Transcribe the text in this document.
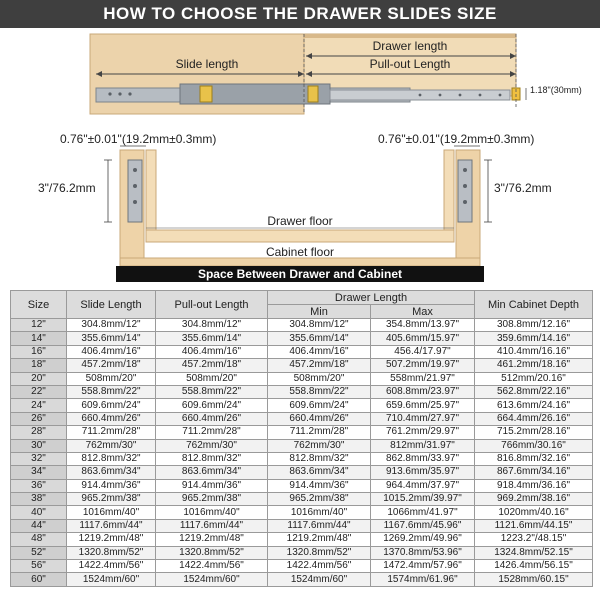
HOW TO CHOOSE THE DRAWER SLIDES SIZE
Drawer length
Slide length	Pull-out Length
1.18"(30mm)
0.76"±0.01"(19.2mm±0.3mm)	0.76"±0.01"(19.2mm±0.3mm)
3"/76.2mm	3"/76.2mm
Drawer floor
Cabinet floor
Space Between Drawer and Cabinet
Size	Slide Length	Pull-out Length	Drawer Length		Min Cabinet Depth
			Min	Max	
12"	304.8mm/12"	304.8mm/12"	304.8mm/12"	354.8mm/13.97"	308.8mm/12.16"
14"	355.6mm/14"	355.6mm/14"	355.6mm/14"	405.6mm/15.97"	359.6mm/14.16"
16"	406.4mm/16"	406.4mm/16"	406.4mm/16"	456.4/17.97"	410.4mm/16.16"
18"	457.2mm/18"	457.2mm/18"	457.2mm/18"	507.2mm/19.97"	461.2mm/18.16"
20"	508mm/20"	508mm/20"	508mm/20"	558mm/21.97"	512mm/20.16"
22"	558.8mm/22"	558.8mm/22"	558.8mm/22"	608.8mm/23.97"	562.8mm/22.16"
24"	609.6mm/24"	609.6mm/24"	609.6mm/24"	659.6mm/25.97"	613.6mm/24.16"
26"	660.4mm/26"	660.4mm/26"	660.4mm/26"	710.4mm/27.97"	664.4mm/26.16"
28"	711.2mm/28"	711.2mm/28"	711.2mm/28"	761.2mm/29.97"	715.2mm/28.16"
30"	762mm/30"	762mm/30"	762mm/30"	812mm/31.97"	766mm/30.16"
32"	812.8mm/32"	812.8mm/32"	812.8mm/32"	862.8mm/33.97"	816.8mm/32.16"
34"	863.6mm/34"	863.6mm/34"	863.6mm/34"	913.6mm/35.97"	867.6mm/34.16"
36"	914.4mm/36"	914.4mm/36"	914.4mm/36"	964.4mm/37.97"	918.4mm/36.16"
38"	965.2mm/38"	965.2mm/38"	965.2mm/38"	1015.2mm/39.97"	969.2mm/38.16"
40"	1016mm/40"	1016mm/40"	1016mm/40"	1066mm/41.97"	1020mm/40.16"
44"	1117.6mm/44"	1117.6mm/44"	1117.6mm/44"	1167.6mm/45.96"	1121.6mm/44.15"
48"	1219.2mm/48"	1219.2mm/48"	1219.2mm/48"	1269.2mm/49.96"	1223.2"/48.15"
52"	1320.8mm/52"	1320.8mm/52"	1320.8mm/52"	1370.8mm/53.96"	1324.8mm/52.15"
56"	1422.4mm/56"	1422.4mm/56"	1422.4mm/56"	1472.4mm/57.96"	1426.4mm/56.15"
60"	1524mm/60"	1524mm/60"	1524mm/60"	1574mm/61.96"	1528mm/60.15"
